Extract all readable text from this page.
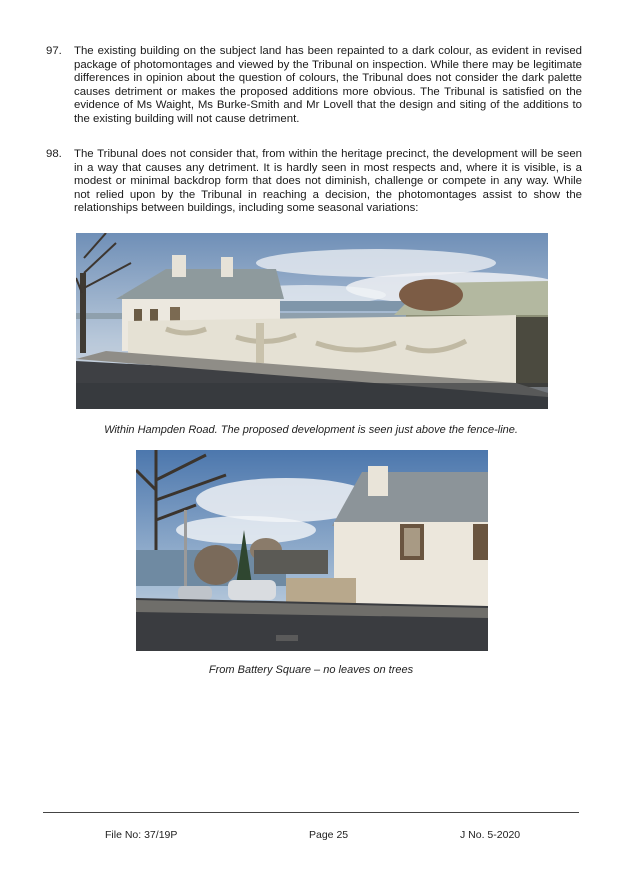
97.	The existing building on the subject land has been repainted to a dark colour, as evident in revised package of photomontages and viewed by the Tribunal on inspection. While there may be legitimate differences in opinion about the question of colours, the Tribunal does not consider the dark palette causes detriment or makes the proposed additions more obvious. The Tribunal is satisfied on the evidence of Ms Waight, Ms Burke-Smith and Mr Lovell that the design and siting of the additions to the existing building will not cause detriment.
98.	The Tribunal does not consider that, from within the heritage precinct, the development will be seen in a way that causes any detriment. It is hardly seen in most respects and, where it is visible, is a modest or minimal backdrop form that does not diminish, challenge or compete in any way. While not relied upon by the Tribunal in reaching a decision, the photomontages assist to show the relationships between buildings, including some seasonal variations:
Within Hampden Road. The proposed development is seen just above the fence-line.
From Battery Square – no leaves on trees
File No: 37/19P	Page 25	J No. 5-2020
